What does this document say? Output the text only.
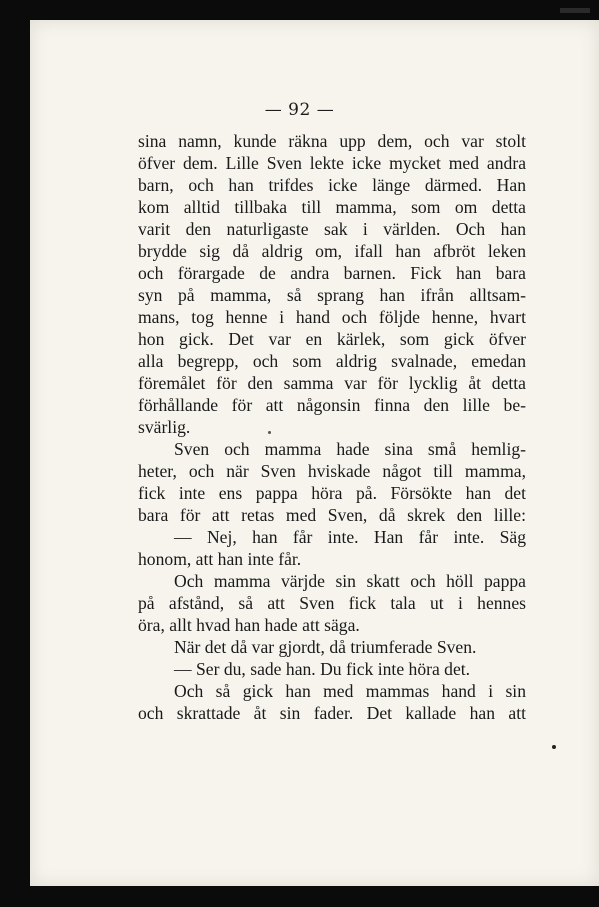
— 92 —
sina namn, kunde räkna upp dem, och var stolt
öfver dem. Lille Sven lekte icke mycket med andra
barn, och han trifdes icke länge därmed. Han
kom alltid tillbaka till mamma, som om detta
varit den naturligaste sak i världen. Och han
brydde sig då aldrig om, ifall han afbröt leken
och förargade de andra barnen. Fick han bara
syn på mamma, så sprang han ifrån alltsam-
mans, tog henne i hand och följde henne, hvart
hon gick. Det var en kärlek, som gick öfver
alla begrepp, och som aldrig svalnade, emedan
föremålet för den samma var för lycklig åt detta
förhållande för att någonsin finna den lille be-
svärlig.
Sven och mamma hade sina små hemlig-
heter, och när Sven hviskade något till mamma,
fick inte ens pappa höra på. Försökte han det
bara för att retas med Sven, då skrek den lille:
— Nej, han får inte. Han får inte. Säg
honom, att han inte får.
Och mamma värjde sin skatt och höll pappa
på afstånd, så att Sven fick tala ut i hennes
öra, allt hvad han hade att säga.
När det då var gjordt, då triumferade Sven.
— Ser du, sade han. Du fick inte höra det.
Och så gick han med mammas hand i sin
och skrattade åt sin fader. Det kallade han att
